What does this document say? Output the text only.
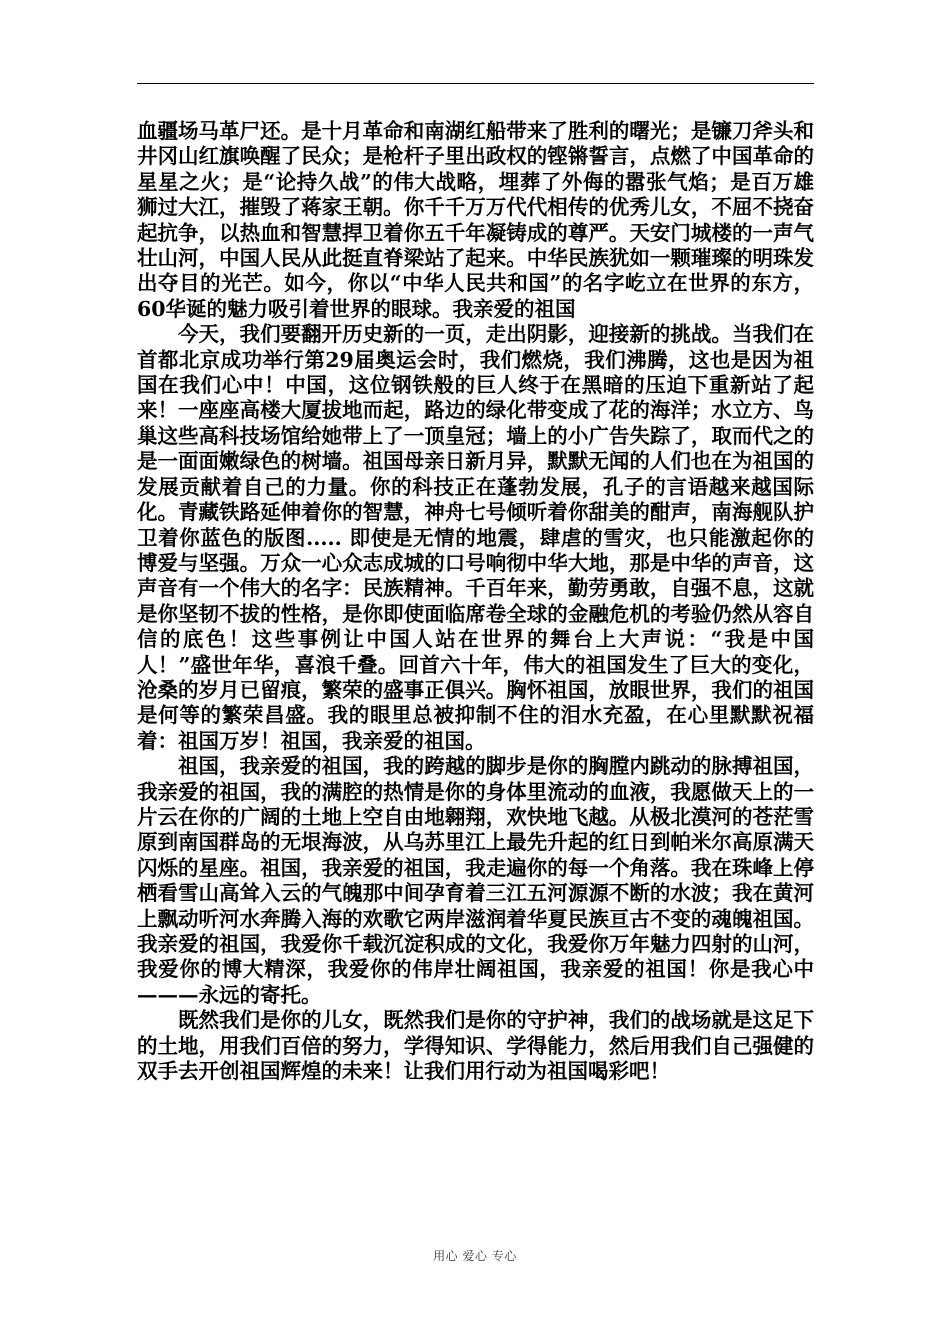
血疆场马革尸还。是十月革命和南湖红船带来了胜利的曙光；是镰刀斧头和井冈山红旗唤醒了民众；是枪杆子里出政权的铿锵誓言，点燃了中国革命的星星之火；是“论持久战”的伟大战略，埋葬了外侮的嚣张气焰；是百万雄狮过大江，摧毁了蒋家王朝。你千千万万代代相传的优秀儿女，不屈不挠奋起抗争，以热血和智慧捍卫着你五千年凝铸成的尊严。天安门城楼的一声气壮山河，中国人民从此挺直脊梁站了起来。中华民族犹如一颗璀璨的明珠发出夺目的光芒。如今，你以“中华人民共和国”的名字屹立在世界的东方，60华诞的魅力吸引着世界的眼球。我亲爱的祖国

今天，我们要翻开历史新的一页，走出阴影，迎接新的挑战。当我们在首都北京成功举行第29届奥运会时，我们燃烧，我们沸腾，这也是因为祖国在我们心中！中国，这位钢铁般的巨人终于在黑暗的压迫下重新站了起来！一座座高楼大厦拔地而起，路边的绿化带变成了花的海洋；水立方、鸟巢这些高科技场馆给她带上了一顶皇冠；墙上的小广告失踪了，取而代之的是一面面嫩绿色的树墙。祖国母亲日新月异，默默无闻的人们也在为祖国的发展贡献着自己的力量。你的科技正在蓬勃发展，孔子的言语越来越国际化。青藏铁路延伸着你的智慧，神舟七号倾听着你甜美的酣声，南海舰队护卫着你蓝色的版图..... 即使是无情的地震，肆虐的雪灾，也只能激起你的博爱与坚强。万众一心众志成城的口号响彻中华大地，那是中华的声音，这声音有一个伟大的名字：民族精神。千百年来，勤劳勇敢，自强不息，这就是你坚韧不拔的性格，是你即使面临席卷全球的金融危机的考验仍然从容自信的底色！这些事例让中国人站在世界的舞台上大声说：“我是中国人！”盛世年华，喜浪千叠。回首六十年，伟大的祖国发生了巨大的变化，沧桑的岁月已留痕，繁荣的盛事正俱兴。胸怀祖国，放眼世界，我们的祖国是何等的繁荣昌盛。我的眼里总被抑制不住的泪水充盈，在心里默默祝福着：祖国万岁！祖国，我亲爱的祖国。

祖国，我亲爱的祖国，我的跨越的脚步是你的胸膛内跳动的脉搏祖国，我亲爱的祖国，我的满腔的热情是你的身体里流动的血液，我愿做天上的一片云在你的广阔的土地上空自由地翱翔，欢快地飞越。从极北漠河的苍茫雪原到南国群岛的无垠海波，从乌苏里江上最先升起的红日到帕米尔高原满天闪烁的星座。祖国，我亲爱的祖国，我走遍你的每一个角落。我在珠峰上停栖看雪山高耸入云的气魄那中间孕育着三江五河源源不断的水波；我在黄河上飘动听河水奔腾入海的欢歌它两岸滋润着华夏民族亘古不变的魂魄祖国。我亲爱的祖国，我爱你千载沉淀积成的文化，我爱你万年魅力四射的山河，我爱你的博大精深，我爱你的伟岸壮阔祖国，我亲爱的祖国！你是我心中———永远的寄托。

既然我们是你的儿女，既然我们是你的守护神，我们的战场就是这足下的土地，用我们百倍的努力，学得知识、学得能力，然后用我们自己强健的双手去开创祖国辉煌的未来！让我们用行动为祖国喝彩吧！

用心 爱心 专心
